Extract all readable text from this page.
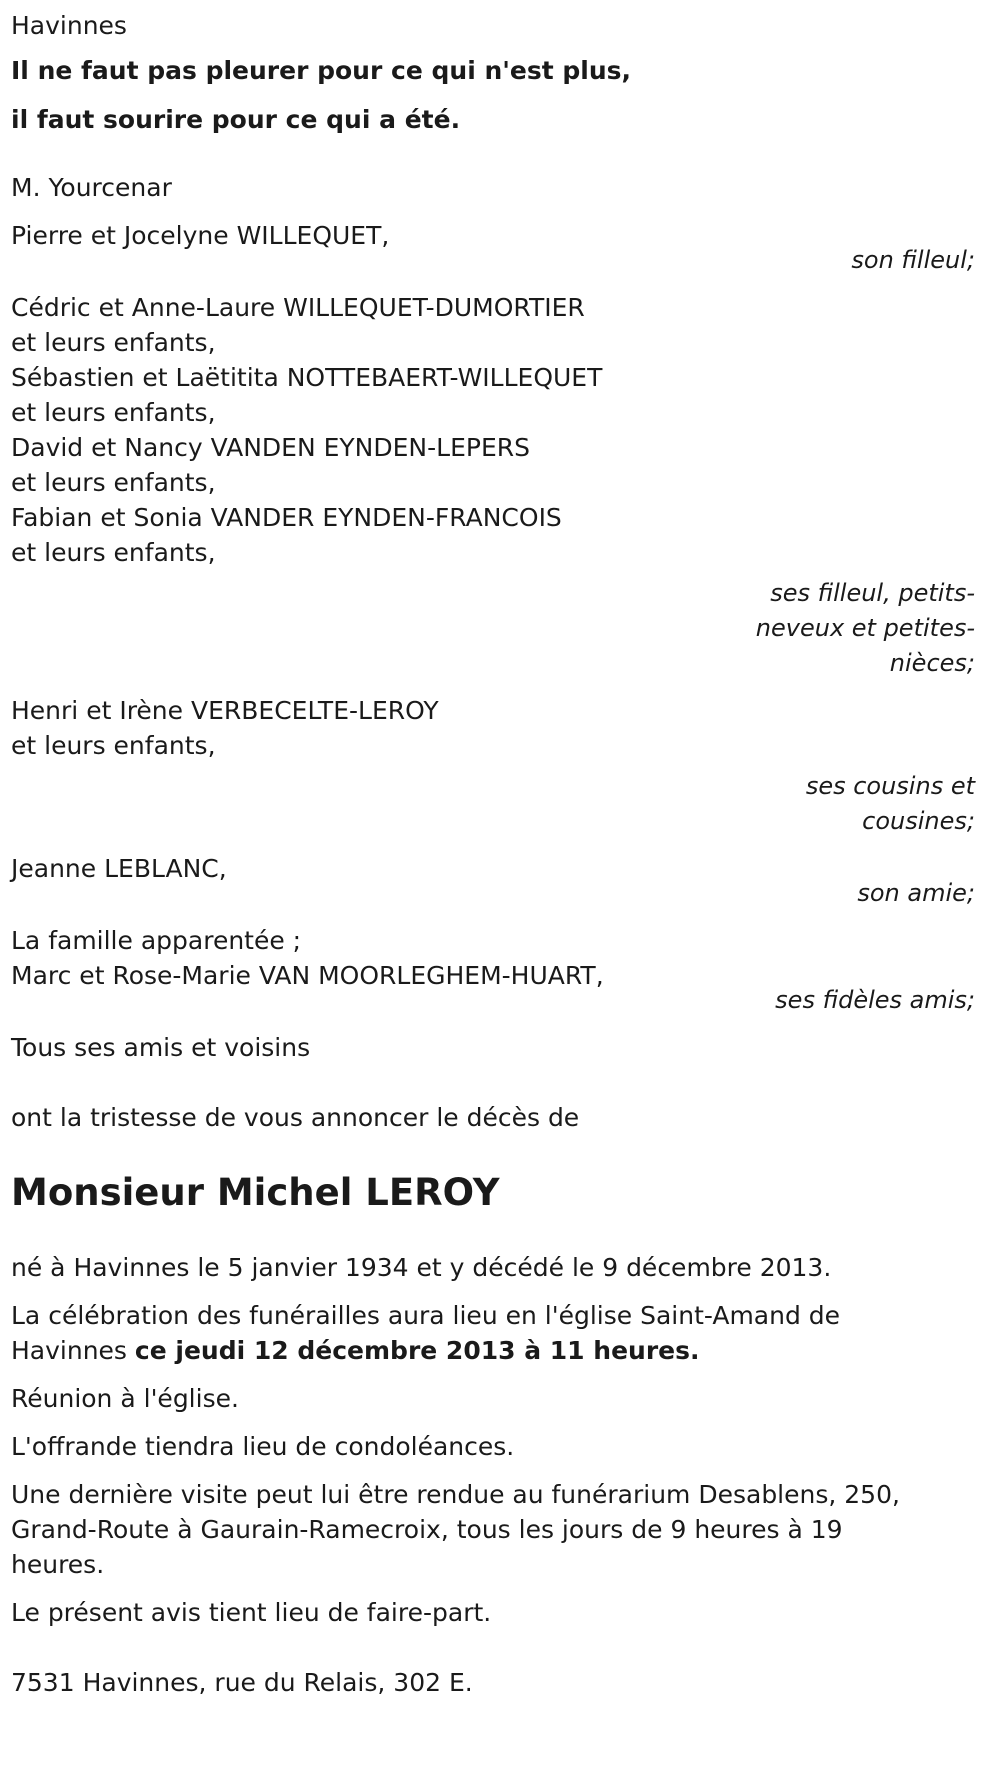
Havinnes
Il ne faut pas pleurer pour ce qui n'est plus,
il faut sourire pour ce qui a été.
M. Yourcenar
Pierre et Jocelyne WILLEQUET,
son filleul;
Cédric et Anne-Laure WILLEQUET-DUMORTIER
et leurs enfants,
Sébastien et Laëtitita NOTTEBAERT-WILLEQUET
et leurs enfants,
David et Nancy VANDEN EYNDEN-LEPERS
et leurs enfants,
Fabian et Sonia VANDER EYNDEN-FRANCOIS
et leurs enfants,
ses filleul, petits-
neveux et petites-
nièces;
Henri et Irène VERBECELTE-LEROY
et leurs enfants,
ses cousins et
cousines;
Jeanne LEBLANC,
son amie;
La famille apparentée ;
Marc et Rose-Marie VAN MOORLEGHEM-HUART,
ses fidèles amis;
Tous ses amis et voisins
ont la tristesse de vous annoncer le décès de
Monsieur Michel LEROY

né à Havinnes le 5 janvier 1934 et y décédé le 9 décembre 2013.

La célébration des funérailles aura lieu en l'église Saint-Amand de
Havinnes ce jeudi 12 décembre 2013 à 11 heures.

Réunion à l'église.

L'offrande tiendra lieu de condoléances.

Une dernière visite peut lui être rendue au funérarium Desablens, 250,
Grand-Route à Gaurain-Ramecroix, tous les jours de 9 heures à 19
heures.

Le présent avis tient lieu de faire-part.

7531 Havinnes, rue du Relais, 302 E.
